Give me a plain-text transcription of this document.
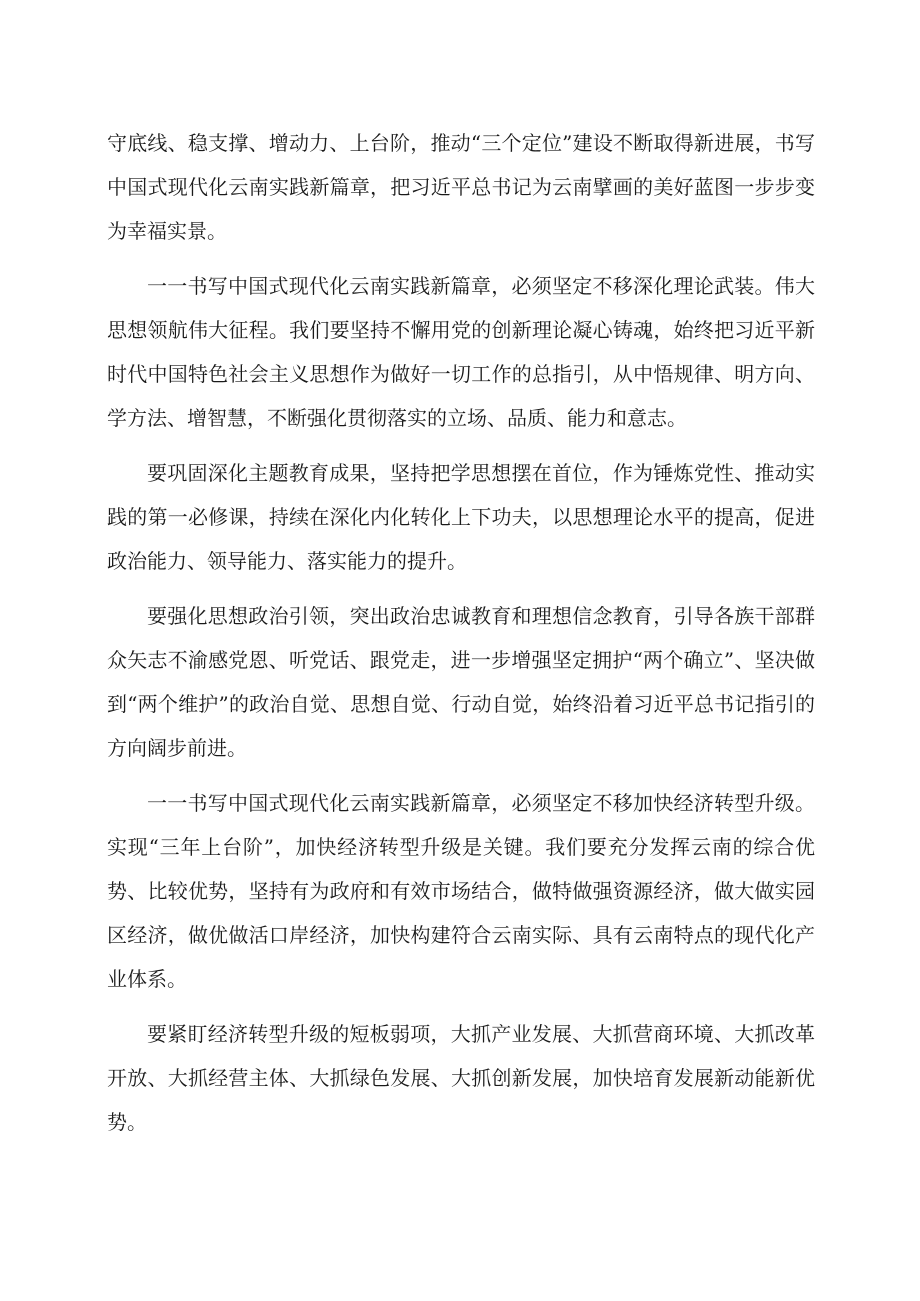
守底线、稳支撑、增动力、上台阶，推动“三个定位”建设不断取得新进展，书写中国式现代化云南实践新篇章，把习近平总书记为云南擘画的美好蓝图一步步变为幸福实景。

一一书写中国式现代化云南实践新篇章，必须坚定不移深化理论武装。伟大思想领航伟大征程。我们要坚持不懈用党的创新理论凝心铸魂，始终把习近平新时代中国特色社会主义思想作为做好一切工作的总指引，从中悟规律、明方向、学方法、增智慧，不断强化贯彻落实的立场、品质、能力和意志。

要巩固深化主题教育成果，坚持把学思想摆在首位，作为锤炼党性、推动实践的第一必修课，持续在深化内化转化上下功夫，以思想理论水平的提高，促进政治能力、领导能力、落实能力的提升。

要强化思想政治引领，突出政治忠诚教育和理想信念教育，引导各族干部群众矢志不渝感党恩、听党话、跟党走，进一步增强坚定拥护“两个确立”、坚决做到“两个维护”的政治自觉、思想自觉、行动自觉，始终沿着习近平总书记指引的方向阔步前进。

一一书写中国式现代化云南实践新篇章，必须坚定不移加快经济转型升级。实现“三年上台阶”，加快经济转型升级是关键。我们要充分发挥云南的综合优势、比较优势，坚持有为政府和有效市场结合，做特做强资源经济，做大做实园区经济，做优做活口岸经济，加快构建符合云南实际、具有云南特点的现代化产业体系。

要紧盯经济转型升级的短板弱项，大抓产业发展、大抓营商环境、大抓改革开放、大抓经营主体、大抓绿色发展、大抓创新发展，加快培育发展新动能新优势。
